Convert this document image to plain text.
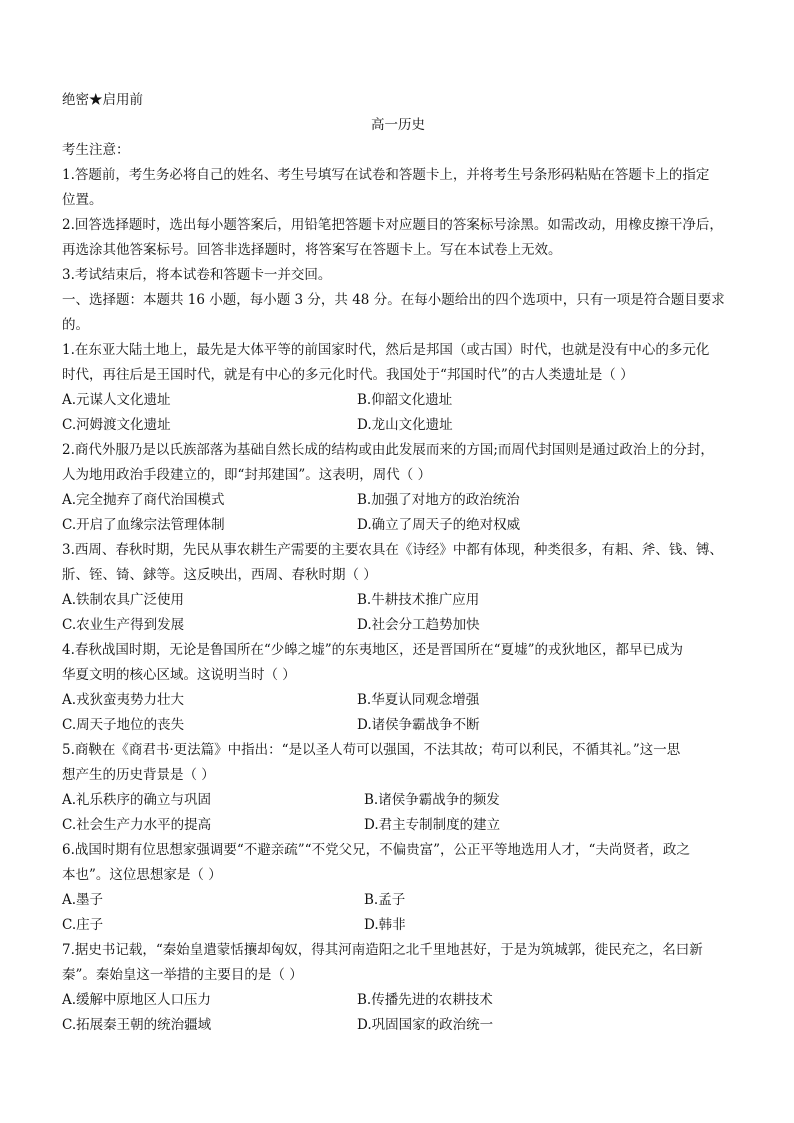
绝密★启用前
高一历史
考生注意：
1.答题前，考生务必将自己的姓名、考生号填写在试卷和答题卡上，并将考生号条形码粘贴在答题卡上的指定
位置。
2.回答选择题时，选出每小题答案后，用铅笔把答题卡对应题目的答案标号涂黑。如需改动，用橡皮擦干净后，
再选涂其他答案标号。回答非选择题时，将答案写在答题卡上。写在本试卷上无效。
3.考试结束后，将本试卷和答题卡一并交回。
一、选择题：本题共 16 小题，每小题 3 分，共 48 分。在每小题给出的四个选项中，只有一项是符合题目要求
的。
1.在东亚大陆土地上，最先是大体平等的前国家时代，然后是邦国（或古国）时代，也就是没有中心的多元化
时代，再往后是王国时代，就是有中心的多元化时代。我国处于“邦国时代”的古人类遗址是（ ）
A.元谋人文化遗址	B.仰韶文化遗址
C.河姆渡文化遗址	D.龙山文化遗址
2.商代外服乃是以氏族部落为基础自然长成的结构或由此发展而来的方国;而周代封国则是通过政治上的分封，
人为地用政治手段建立的，即“封邦建国”。这表明，周代（ ）
A.完全抛弃了商代治国模式	B.加强了对地方的政治统治
C.开启了血缘宗法管理体制	D.确立了周天子的绝对权威
3.西周、春秋时期，先民从事农耕生产需要的主要农具在《诗经》中都有体现，种类很多，有耜、斧、钱、镈、
斨、铚、锜、銶等。这反映出，西周、春秋时期（ ）
A.铁制农具广泛使用	B.牛耕技术推广应用
C.农业生产得到发展	D.社会分工趋势加快
4.春秋战国时期，无论是鲁国所在“少皞之墟”的东夷地区，还是晋国所在“夏墟”的戎狄地区，都早已成为
华夏文明的核心区域。这说明当时（ ）
A.戎狄蛮夷势力壮大	B.华夏认同观念增强
C.周天子地位的丧失	D.诸侯争霸战争不断
5.商鞅在《商君书·更法篇》中指出：“是以圣人苟可以强国，不法其故；苟可以利民，不循其礼。”这一思
想产生的历史背景是（ ）
A.礼乐秩序的确立与巩固	B.诸侯争霸战争的频发
C.社会生产力水平的提高	D.君主专制制度的建立
6.战国时期有位思想家强调要“不避亲疏”“不党父兄，不偏贵富”，公正平等地选用人才，“夫尚贤者，政之
本也”。这位思想家是（ ）
A.墨子	B.孟子
C.庄子	D.韩非
7.据史书记载，“秦始皇遣蒙恬攘却匈奴，得其河南造阳之北千里地甚好，于是为筑城郭，徙民充之，名曰新
秦”。秦始皇这一举措的主要目的是（ ）
A.缓解中原地区人口压力	B.传播先进的农耕技术
C.拓展秦王朝的统治疆域	D.巩固国家的政治统一
